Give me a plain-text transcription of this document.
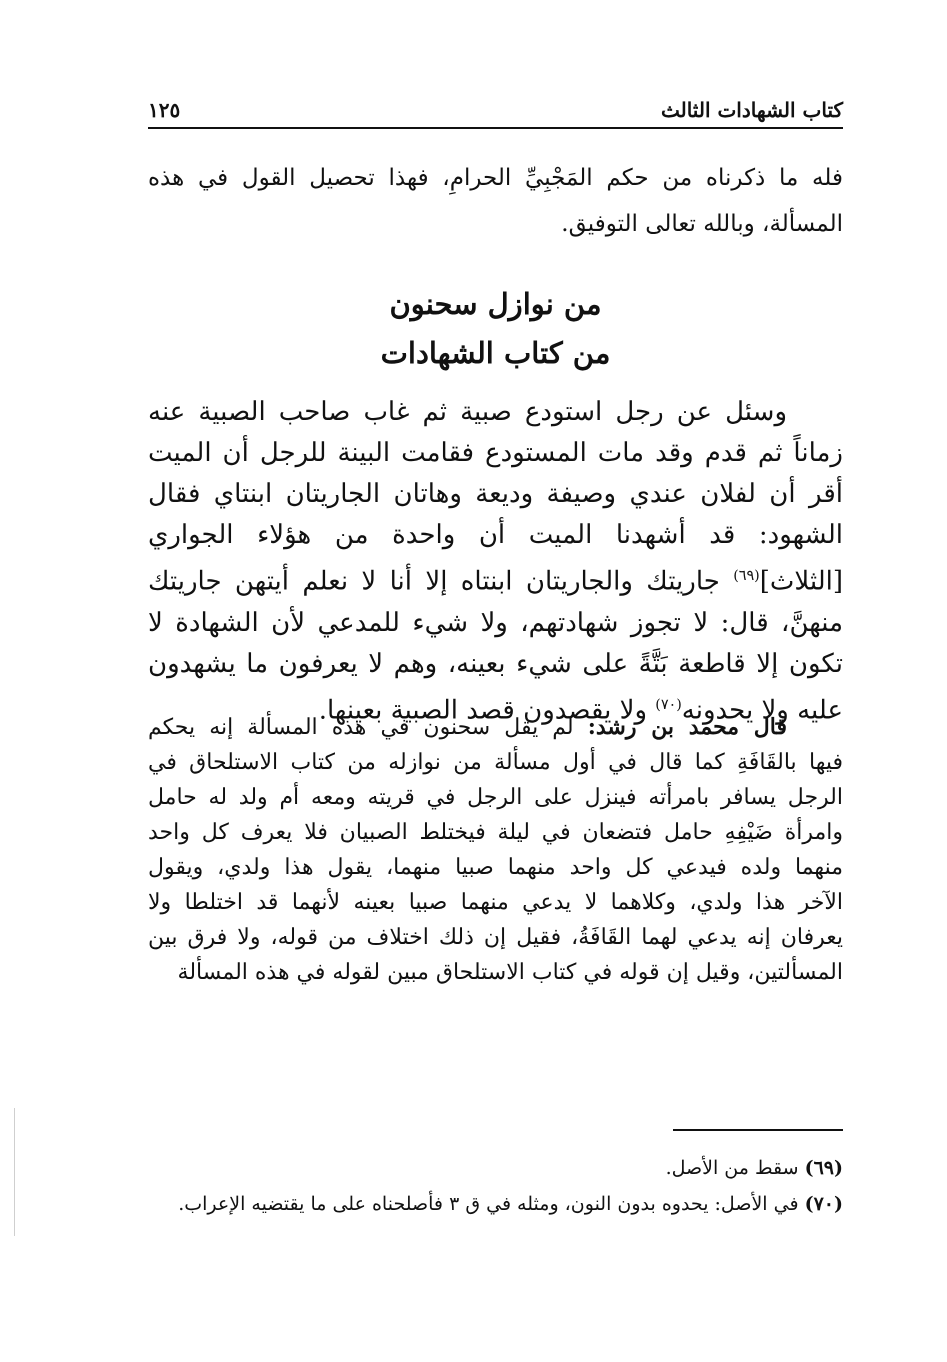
كتاب الشهادات الثالث
١٢٥
فله ما ذكرناه من حكم المَجْبِيِّ الحرامِ، فهذا تحصيل القول في هذه المسألة، وبالله تعالى التوفيق.
من نوازل سحنون
من كتاب الشهادات
وسئل عن رجل استودع صبية ثم غاب صاحب الصبية عنه
زماناً ثم قدم وقد مات المستودع فقامت البينة للرجل أن الميت
أقر أن لفلان عندي وصيفة وديعة وهاتان الجاريتان ابنتاي فقال
الشهود: قد أشهدنا الميت أن واحدة من هؤلاء الجواري
[الثلاث]$^{(٦٩)}$ جاريتك والجاريتان ابنتاه إلا أنا لا نعلم أيتهن جاريتك
منهنَّ، قال: لا تجوز شهادتهم، ولا شيء للمدعي لأن الشهادة لا
تكون إلا قاطعة بَتَّةً على شيء بعينه، وهم لا يعرفون ما يشهدون
عليه ولا يحدونه$^{(٧٠)}$ ولا يقصدون قصد الصبية بعينها.
قال محمد بن رشد: لم يقل سحنون في هذه المسألة إنه يحكم
فيها بالقَافَةِ كما قال في أول مسألة من نوازله من كتاب الاستلحاق في
الرجل يسافر بامرأته فينزل على الرجل في قريته ومعه أم ولد له حامل
وامرأة ضَيْفِهِ حامل فتضعان في ليلة فيختلط الصبيان فلا يعرف كل واحد
منهما ولده فيدعي كل واحد منهما صبيا منهما، يقول هذا ولدي، ويقول
الآخر هذا ولدي، وكلاهما لا يدعي منهما صبيا بعينه لأنهما قد اختلطا ولا
يعرفان إنه يدعي لهما القَافَةُ، فقيل إن ذلك اختلاف من قوله، ولا فرق بين
المسألتين، وقيل إن قوله في كتاب الاستلحاق مبين لقوله في هذه المسألة
(٦٩) سقط من الأصل.
(٧٠) في الأصل: يحدوه بدون النون، ومثله في ق ٣ فأصلحناه على ما يقتضيه الإعراب.
